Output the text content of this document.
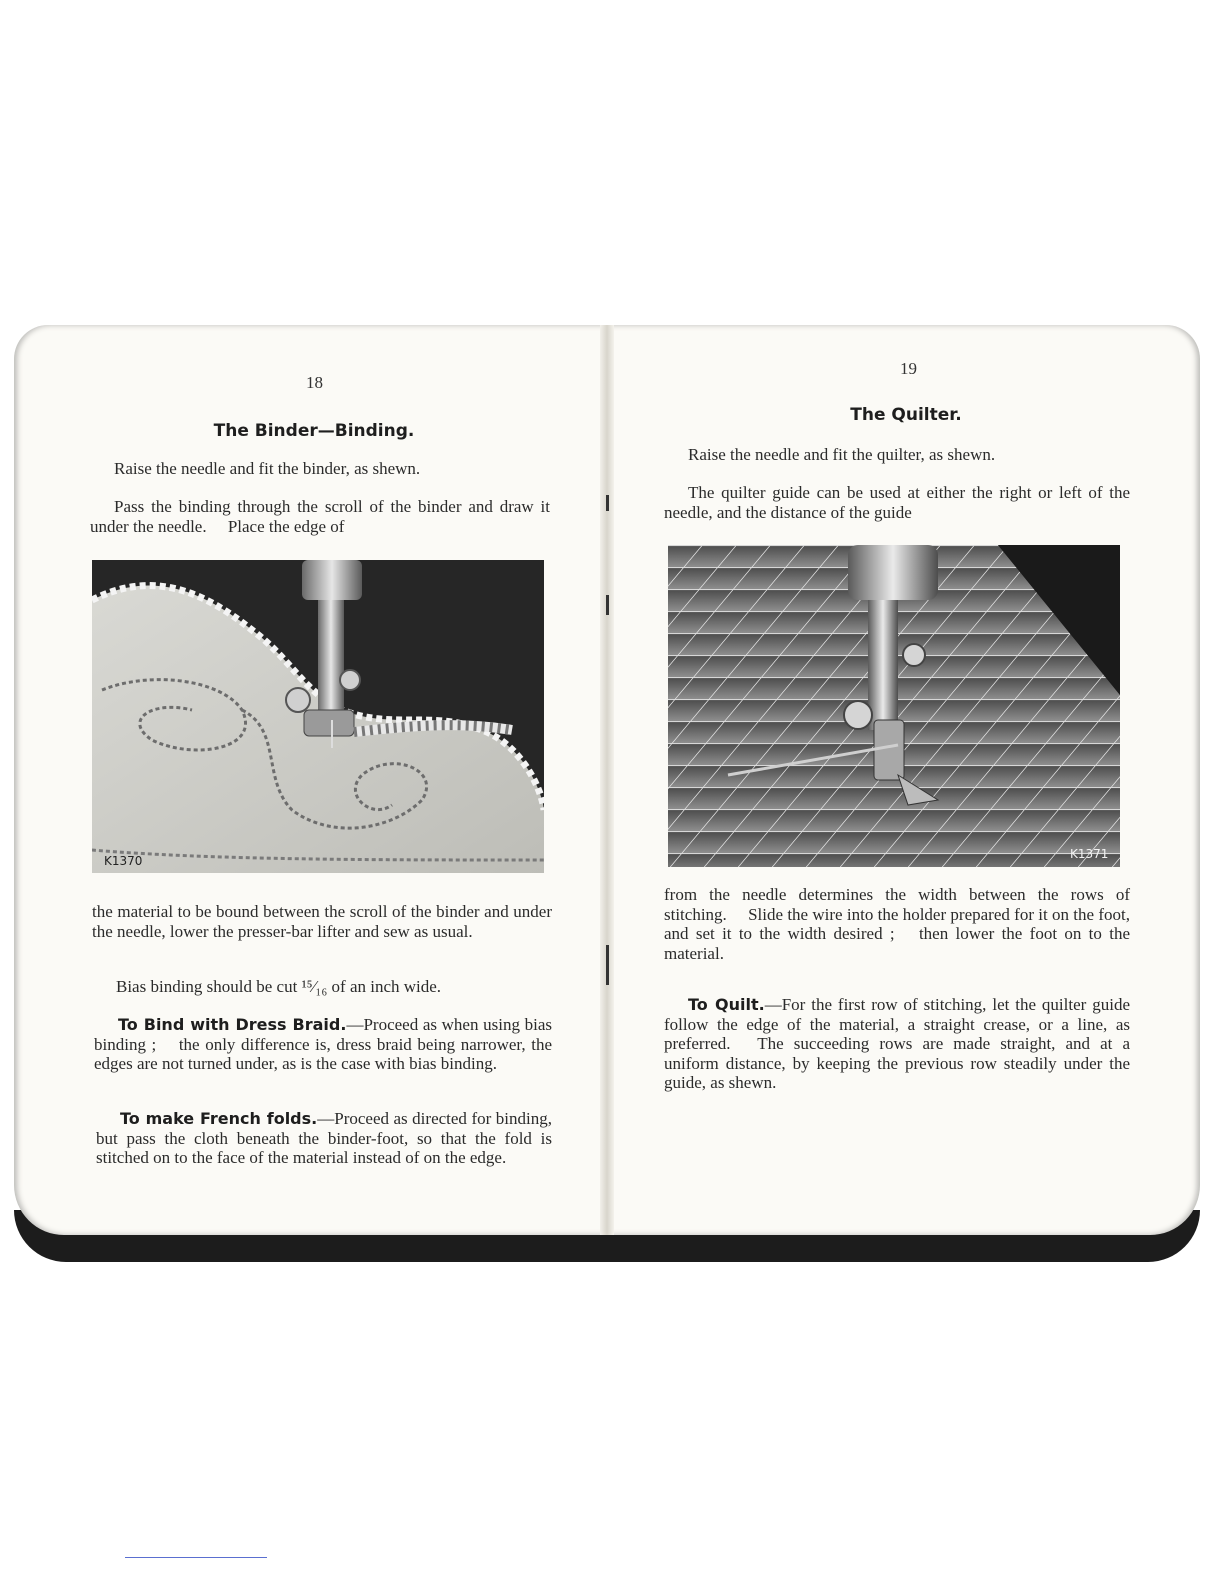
18
The Binder—Binding.
Raise the needle and fit the binder, as shewn.
Pass the binding through the scroll of the binder and draw it under the needle.  Place the edge of
K1370
the material to be bound between the scroll of the binder and under the needle, lower the presser-bar lifter and sew as usual.
Bias binding should be cut ¹⁵⁄₁₆ of an inch wide.
To Bind with Dress Braid.—Proceed as when using bias binding ;  the only difference is, dress braid being narrower, the edges are not turned under, as is the case with bias binding.
To make French folds.—Proceed as directed for binding, but pass the cloth beneath the binder-foot, so that the fold is stitched on to the face of the material instead of on the edge.
19
The Quilter.
Raise the needle and fit the quilter, as shewn.
The quilter guide can be used at either the right or left of the needle, and the distance of the guide
K1371
from the needle determines the width between the rows of stitching.  Slide the wire into the holder prepared for it on the foot, and set it to the width desired ;  then lower the foot on to the material.
To Quilt.—For the first row of stitching, let the quilter guide follow the edge of the material, a straight crease, or a line, as preferred.  The succeeding rows are made straight, and at a uniform distance, by keeping the previous row steadily under the guide, as shewn.
